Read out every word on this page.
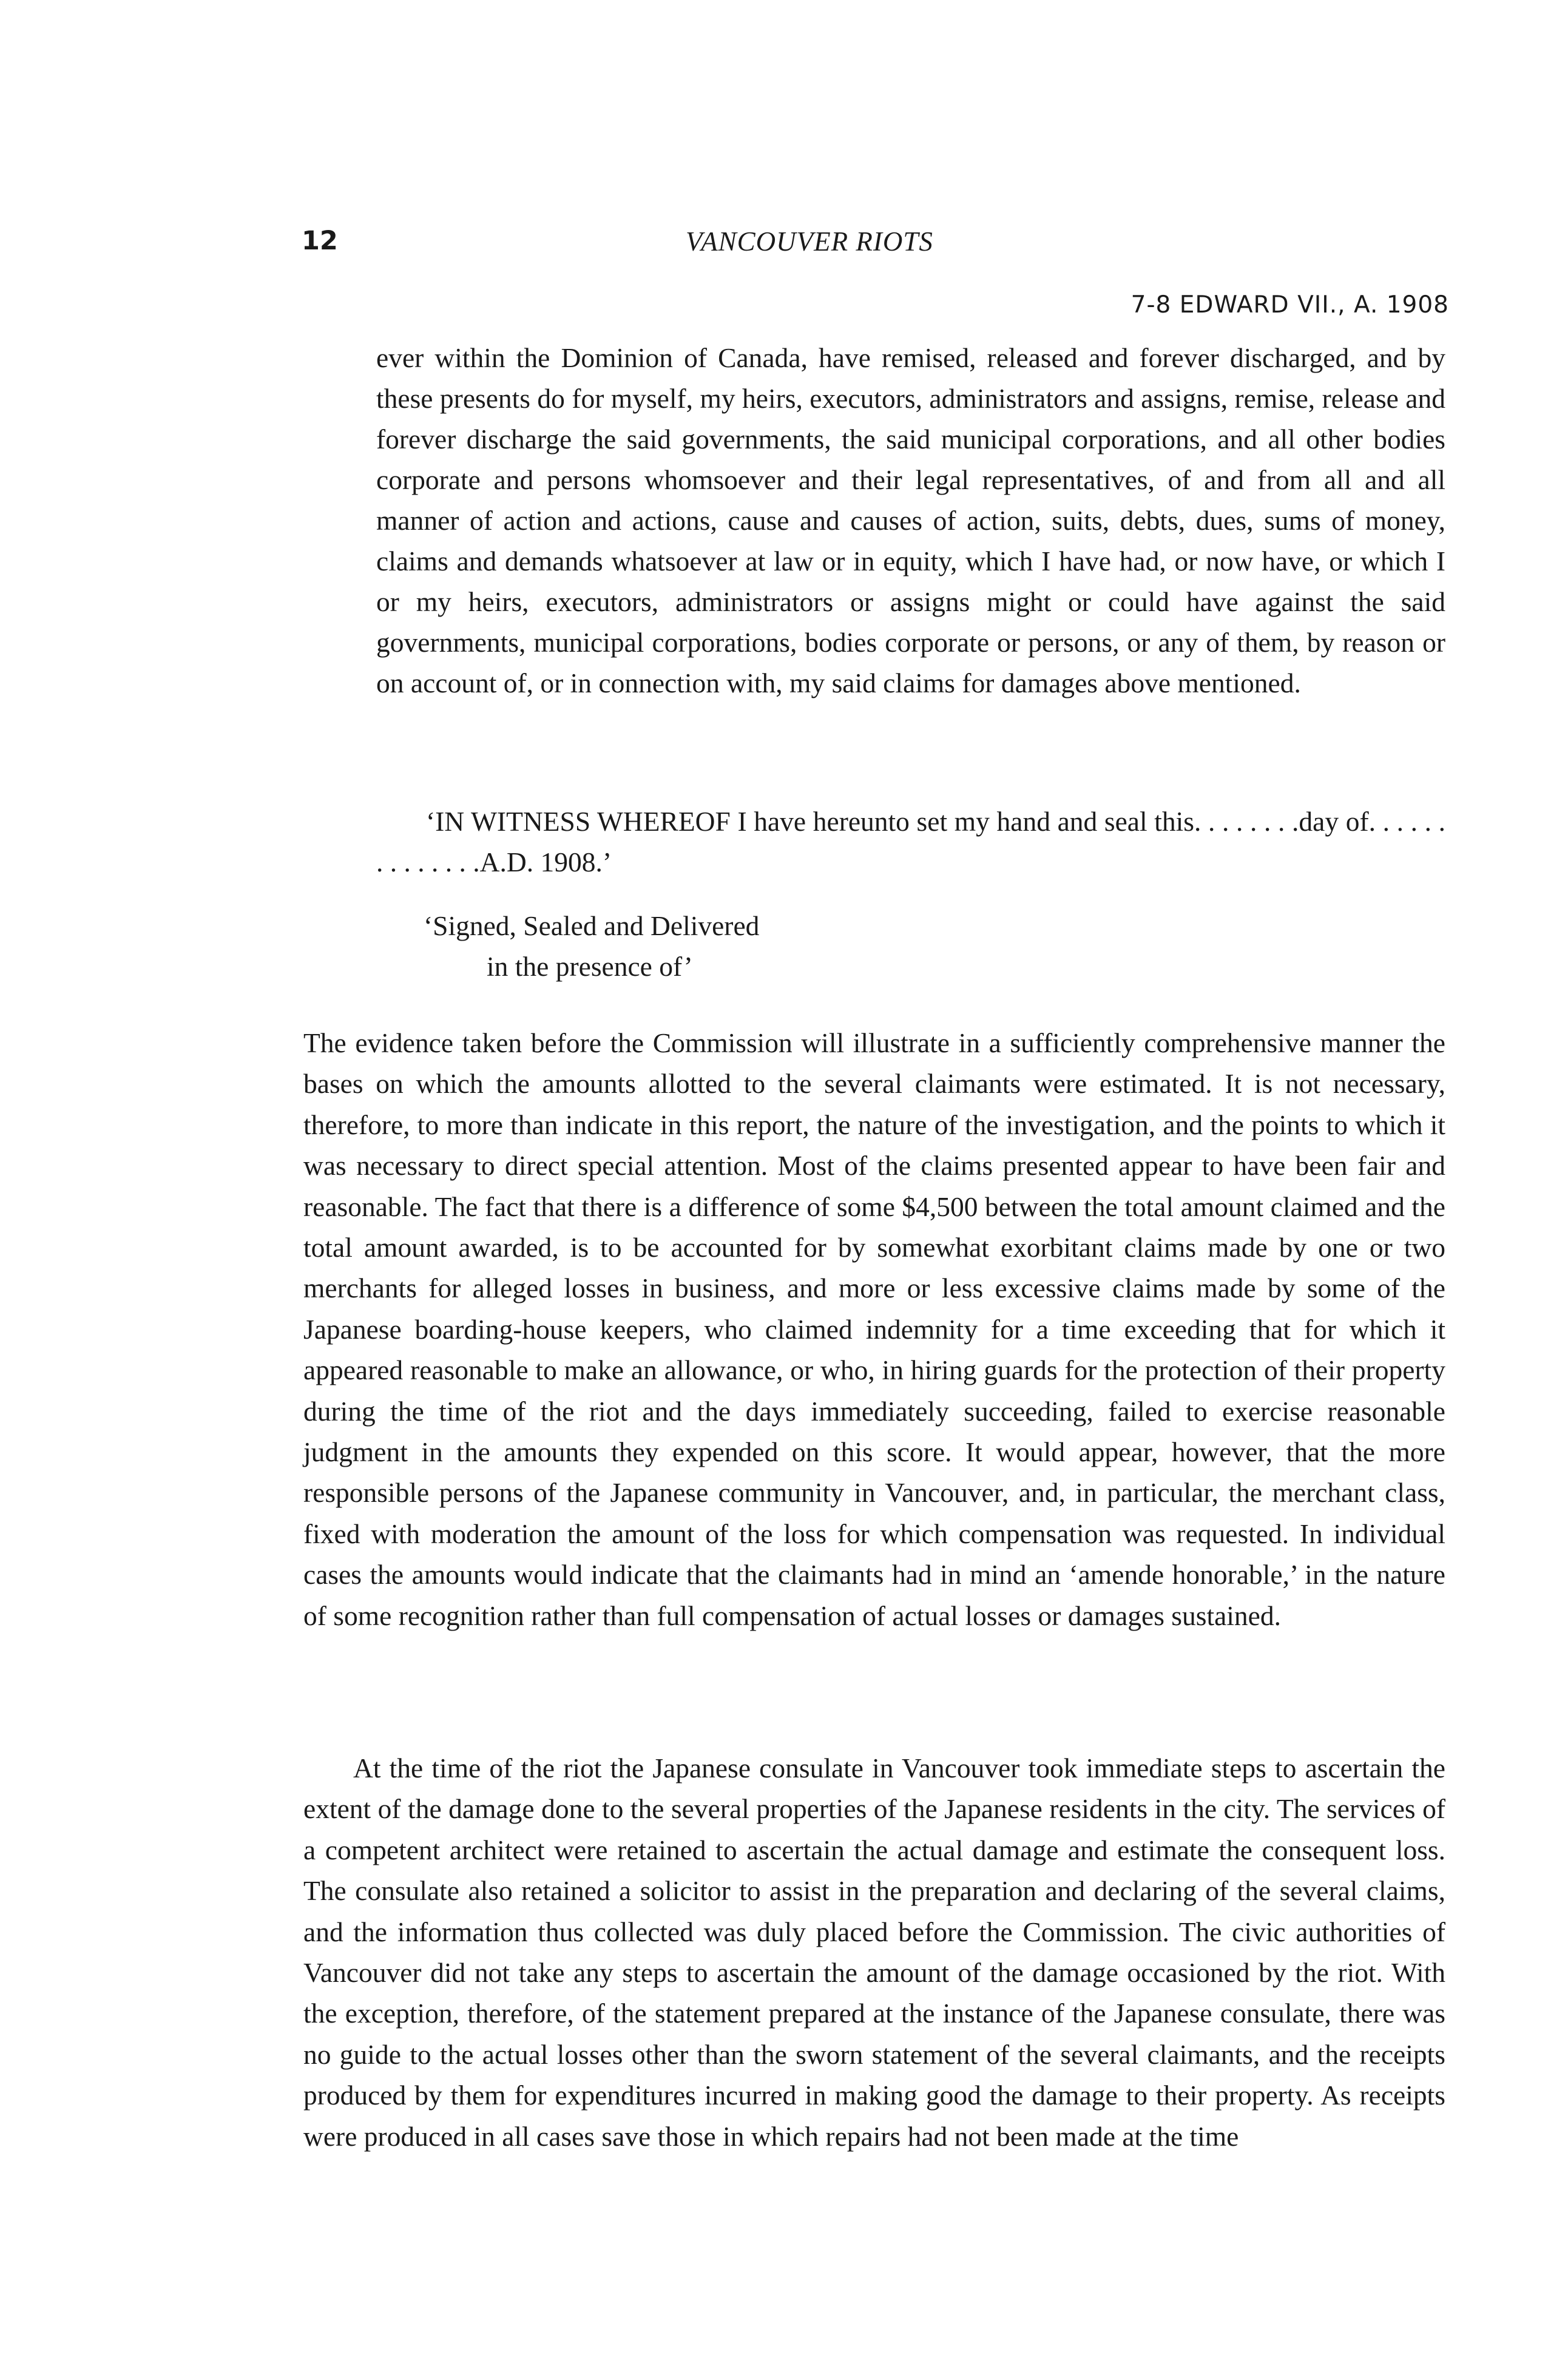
12	VANCOUVER RIOTS
7-8 EDWARD VII., A. 1908

ever within the Dominion of Canada, have remised, released and forever discharged, and by these presents do for myself, my heirs, executors, administrators and assigns, remise, release and forever discharge the said governments, the said municipal corporations, and all other bodies corporate and persons whomsoever and their legal representatives, of and from all and all manner of action and actions, cause and causes of action, suits, debts, dues, sums of money, claims and demands whatsoever at law or in equity, which I have had, or now have, or which I or my heirs, executors, administrators or assigns might or could have against the said governments, municipal corporations, bodies corporate or persons, or any of them, by reason or on account of, or in connection with, my said claims for damages above mentioned.

‘IN WITNESS WHEREOF I have hereunto set my hand and seal this. . . . . . . .day of. . . . . . . . . . . . . .A.D. 1908.’

‘Signed, Sealed and Delivered
in the presence of’

The evidence taken before the Commission will illustrate in a sufficiently comprehensive manner the bases on which the amounts allotted to the several claimants were estimated. It is not necessary, therefore, to more than indicate in this report, the nature of the investigation, and the points to which it was necessary to direct special attention. Most of the claims presented appear to have been fair and reasonable. The fact that there is a difference of some $4,500 between the total amount claimed and the total amount awarded, is to be accounted for by somewhat exorbitant claims made by one or two merchants for alleged losses in business, and more or less excessive claims made by some of the Japanese boarding-house keepers, who claimed indemnity for a time exceeding that for which it appeared reasonable to make an allowance, or who, in hiring guards for the protection of their property during the time of the riot and the days immediately succeeding, failed to exercise reasonable judgment in the amounts they expended on this score. It would appear, however, that the more responsible persons of the Japanese community in Vancouver, and, in particular, the merchant class, fixed with moderation the amount of the loss for which compensation was requested. In individual cases the amounts would indicate that the claimants had in mind an ‘amende honorable,’ in the nature of some recognition rather than full compensation of actual losses or damages sustained.

At the time of the riot the Japanese consulate in Vancouver took immediate steps to ascertain the extent of the damage done to the several properties of the Japanese residents in the city. The services of a competent architect were retained to ascertain the actual damage and estimate the consequent loss. The consulate also retained a solicitor to assist in the preparation and declaring of the several claims, and the information thus collected was duly placed before the Commission. The civic authorities of Vancouver did not take any steps to ascertain the amount of the damage occasioned by the riot. With the exception, therefore, of the statement prepared at the instance of the Japanese consulate, there was no guide to the actual losses other than the sworn statement of the several claimants, and the receipts produced by them for expenditures incurred in making good the damage to their property. As receipts were produced in all cases save those in which repairs had not been made at the time
